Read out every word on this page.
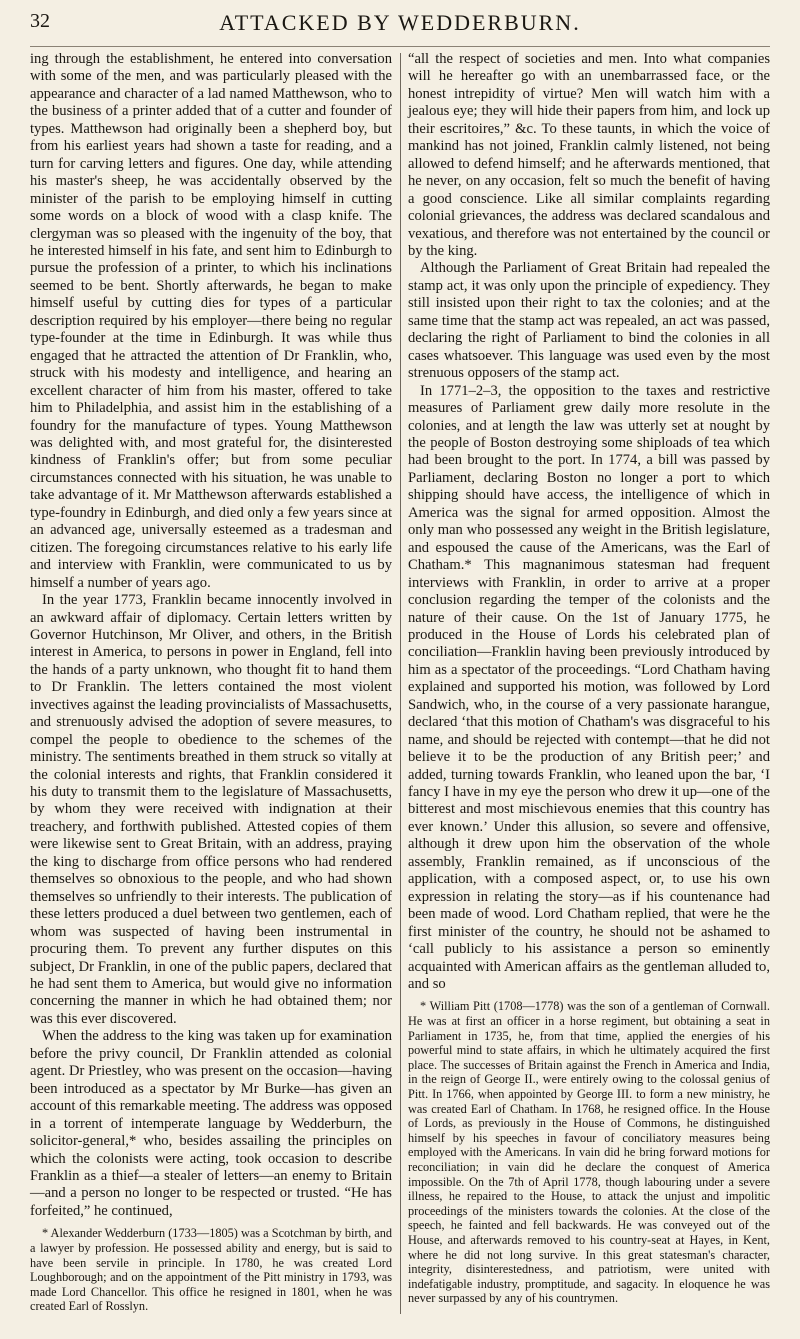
32	ATTACKED BY WEDDERBURN.

ing through the establishment, he entered into conversation with some of the men, and was particularly pleased with the appearance and character of a lad named Matthewson, who to the business of a printer added that of a cutter and founder of types. Matthewson had originally been a shepherd boy, but from his earliest years had shown a taste for reading, and a turn for carving letters and figures. One day, while attending his master's sheep, he was accidentally observed by the minister of the parish to be employing himself in cutting some words on a block of wood with a clasp knife. The clergyman was so pleased with the ingenuity of the boy, that he interested himself in his fate, and sent him to Edinburgh to pursue the profession of a printer, to which his inclinations seemed to be bent. Shortly afterwards, he began to make himself useful by cutting dies for types of a particular description required by his employer—there being no regular type-founder at the time in Edinburgh. It was while thus engaged that he attracted the attention of Dr Franklin, who, struck with his modesty and intelligence, and hearing an excellent character of him from his master, offered to take him to Philadelphia, and assist him in the establishing of a foundry for the manufacture of types. Young Matthewson was delighted with, and most grateful for, the disinterested kindness of Franklin's offer; but from some peculiar circumstances connected with his situation, he was unable to take advantage of it. Mr Matthewson afterwards established a type-foundry in Edinburgh, and died only a few years since at an advanced age, universally esteemed as a tradesman and citizen. The foregoing circumstances relative to his early life and interview with Franklin, were communicated to us by himself a number of years ago.

In the year 1773, Franklin became innocently involved in an awkward affair of diplomacy. Certain letters written by Governor Hutchinson, Mr Oliver, and others, in the British interest in America, to persons in power in England, fell into the hands of a party unknown, who thought fit to hand them to Dr Franklin. The letters contained the most violent invectives against the leading provincialists of Massachusetts, and strenuously advised the adoption of severe measures, to compel the people to obedience to the schemes of the ministry. The sentiments breathed in them struck so vitally at the colonial interests and rights, that Franklin considered it his duty to transmit them to the legislature of Massachusetts, by whom they were received with indignation at their treachery, and forthwith published. Attested copies of them were likewise sent to Great Britain, with an address, praying the king to discharge from office persons who had rendered themselves so obnoxious to the people, and who had shown themselves so unfriendly to their interests. The publication of these letters produced a duel between two gentlemen, each of whom was suspected of having been instrumental in procuring them. To prevent any further disputes on this subject, Dr Franklin, in one of the public papers, declared that he had sent them to America, but would give no information concerning the manner in which he had obtained them; nor was this ever discovered.

When the address to the king was taken up for examination before the privy council, Dr Franklin attended as colonial agent. Dr Priestley, who was present on the occasion—having been introduced as a spectator by Mr Burke—has given an account of this remarkable meeting. The address was opposed in a torrent of intemperate language by Wedderburn, the solicitor-general,* who, besides assailing the principles on which the colonists were acting, took occasion to describe Franklin as a thief—a stealer of letters—an enemy to Britain—and a person no longer to be respected or trusted. “He has forfeited,” he continued,

* Alexander Wedderburn (1733—1805) was a Scotchman by birth, and a lawyer by profession. He possessed ability and energy, but is said to have been servile in principle. In 1780, he was created Lord Loughborough; and on the appointment of the Pitt ministry in 1793, was made Lord Chancellor. This office he resigned in 1801, when he was created Earl of Rosslyn.

“all the respect of societies and men. Into what companies will he hereafter go with an unembarrassed face, or the honest intrepidity of virtue? Men will watch him with a jealous eye; they will hide their papers from him, and lock up their escritoires,” &c. To these taunts, in which the voice of mankind has not joined, Franklin calmly listened, not being allowed to defend himself; and he afterwards mentioned, that he never, on any occasion, felt so much the benefit of having a good conscience. Like all similar complaints regarding colonial grievances, the address was declared scandalous and vexatious, and therefore was not entertained by the council or by the king.

Although the Parliament of Great Britain had repealed the stamp act, it was only upon the principle of expediency. They still insisted upon their right to tax the colonies; and at the same time that the stamp act was repealed, an act was passed, declaring the right of Parliament to bind the colonies in all cases whatsoever. This language was used even by the most strenuous opposers of the stamp act.

In 1771–2–3, the opposition to the taxes and restrictive measures of Parliament grew daily more resolute in the colonies, and at length the law was utterly set at nought by the people of Boston destroying some shiploads of tea which had been brought to the port. In 1774, a bill was passed by Parliament, declaring Boston no longer a port to which shipping should have access, the intelligence of which in America was the signal for armed opposition. Almost the only man who possessed any weight in the British legislature, and espoused the cause of the Americans, was the Earl of Chatham.* This magnanimous statesman had frequent interviews with Franklin, in order to arrive at a proper conclusion regarding the temper of the colonists and the nature of their cause. On the 1st of January 1775, he produced in the House of Lords his celebrated plan of conciliation—Franklin having been previously introduced by him as a spectator of the proceedings. “Lord Chatham having explained and supported his motion, was followed by Lord Sandwich, who, in the course of a very passionate harangue, declared ‘that this motion of Chatham's was disgraceful to his name, and should be rejected with contempt—that he did not believe it to be the production of any British peer;’ and added, turning towards Franklin, who leaned upon the bar, ‘I fancy I have in my eye the person who drew it up—one of the bitterest and most mischievous enemies that this country has ever known.’ Under this allusion, so severe and offensive, although it drew upon him the observation of the whole assembly, Franklin remained, as if unconscious of the application, with a composed aspect, or, to use his own expression in relating the story—as if his countenance had been made of wood. Lord Chatham replied, that were he the first minister of the country, he should not be ashamed to ‘call publicly to his assistance a person so eminently acquainted with American affairs as the gentleman alluded to, and so

* William Pitt (1708—1778) was the son of a gentleman of Cornwall. He was at first an officer in a horse regiment, but obtaining a seat in Parliament in 1735, he, from that time, applied the energies of his powerful mind to state affairs, in which he ultimately acquired the first place. The successes of Britain against the French in America and India, in the reign of George II., were entirely owing to the colossal genius of Pitt. In 1766, when appointed by George III. to form a new ministry, he was created Earl of Chatham. In 1768, he resigned office. In the House of Lords, as previously in the House of Commons, he distinguished himself by his speeches in favour of conciliatory measures being employed with the Americans. In vain did he bring forward motions for reconciliation; in vain did he declare the conquest of America impossible. On the 7th of April 1778, though labouring under a severe illness, he repaired to the House, to attack the unjust and impolitic proceedings of the ministers towards the colonies. At the close of the speech, he fainted and fell backwards. He was conveyed out of the House, and afterwards removed to his country-seat at Hayes, in Kent, where he did not long survive. In this great statesman's character, integrity, disinterestedness, and patriotism, were united with indefatigable industry, promptitude, and sagacity. In eloquence he was never surpassed by any of his countrymen.
